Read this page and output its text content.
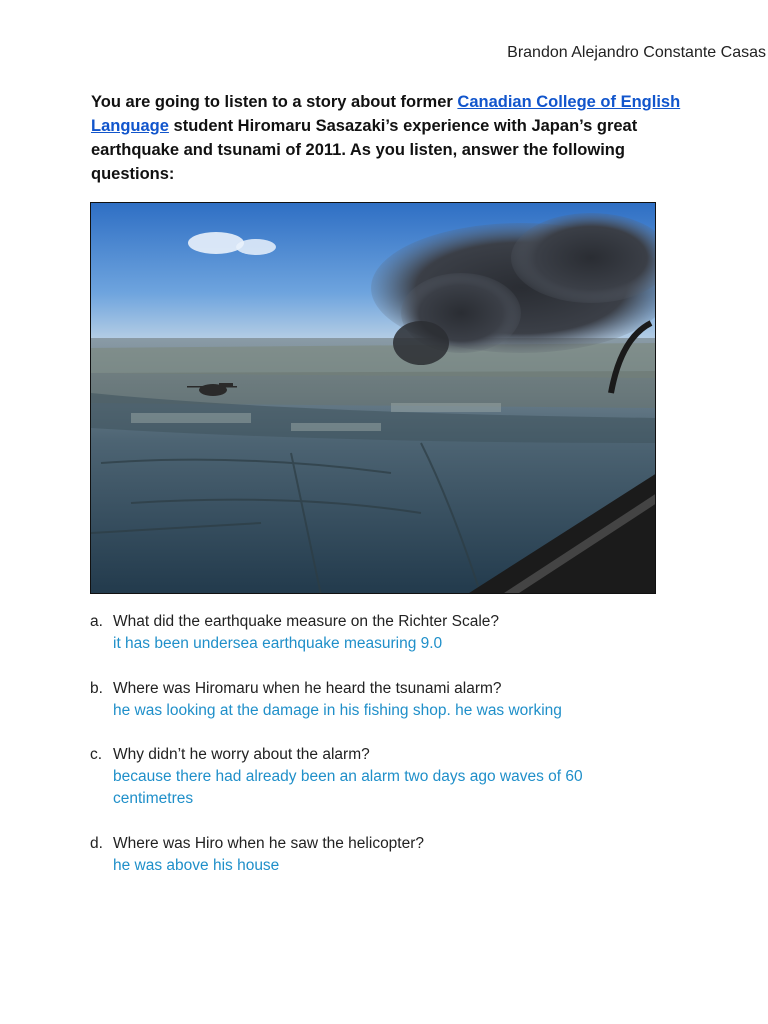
Brandon Alejandro Constante Casas
You are going to listen to a story about former Canadian College of English Language student Hiromaru Sasazaki’s experience with Japan’s great earthquake and tsunami of 2011. As you listen, answer the following questions:
a. What did the earthquake measure on the Richter Scale?
it has been undersea earthquake measuring 9.0
b. Where was Hiromaru when he heard the tsunami alarm?
he was looking at the damage in his fishing shop. he was working
c. Why didn’t he worry about the alarm?
because there had already been an alarm two days ago waves of 60 centimetres
d. Where was Hiro when he saw the helicopter?
he was above his house
